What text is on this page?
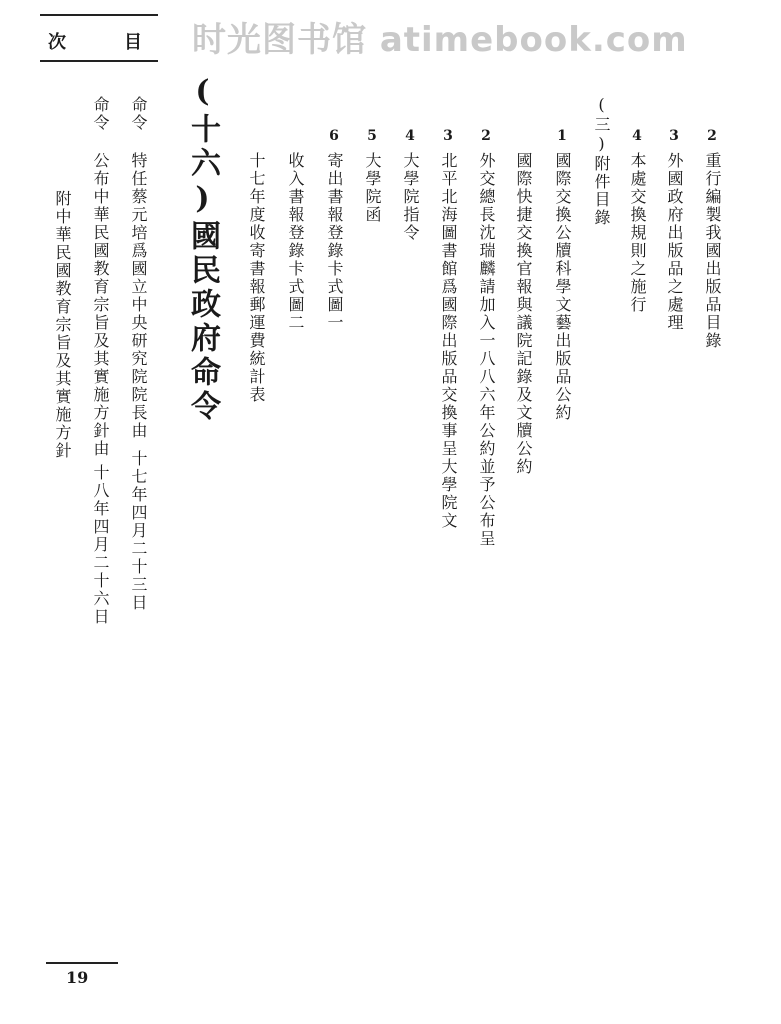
时光图书馆 atimebook.com
次	目
2
重行編製我國出版品目錄
3
外國政府出版品之處理
4
本處交換規則之施行
(三)附件目錄
1
國際交換公牘科學文藝出版品公約
國際快捷交換官報與議院記錄及文牘公約
2
外交總長沈瑞麟請加入一八八六年公約並予公布呈
3
北平北海圖書館爲國際出版品交換事呈大學院文
4
大學院指令
5
大學院函
6
寄出書報登錄卡式圖一
收入書報登錄卡式圖二
十七年度收寄書報郵運費統計表
(十六)國民政府命令
命令
特任蔡元培爲國立中央研究院院長由
十七年四月二十三日
命令
公布中華民國教育宗旨及其實施方針由
十八年四月二十六日
附中華民國教育宗旨及其實施方針
19
